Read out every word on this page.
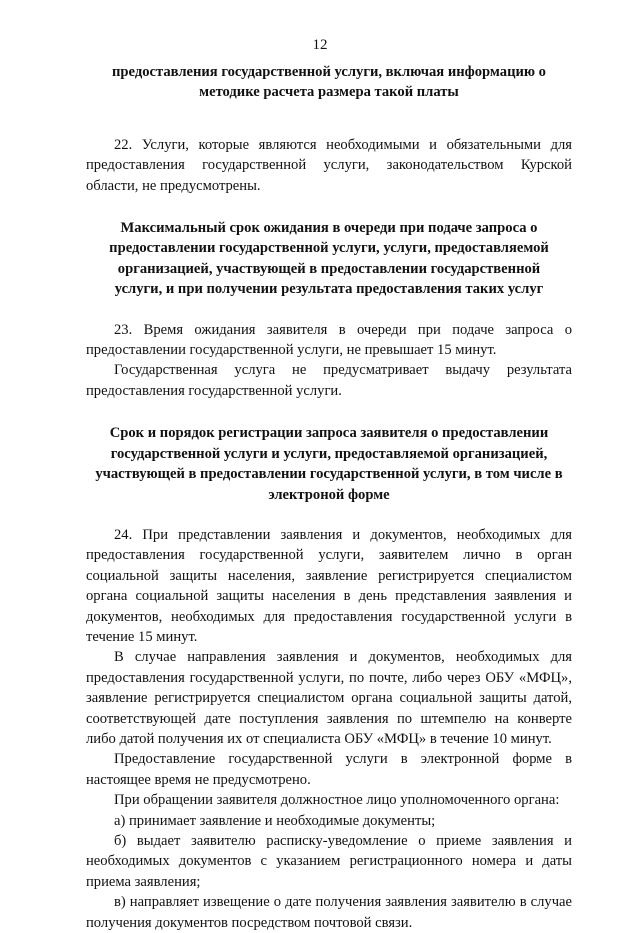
12
предоставления государственной услуги, включая информацию о
методике расчета размера такой платы

22. Услуги, которые являются необходимыми и обязательными для предоставления государственной услуги, законодательством Курской области, не предусмотрены.

Максимальный срок ожидания в очереди при подаче запроса о
предоставлении государственной услуги, услуги, предоставляемой
организацией, участвующей в предоставлении государственной
услуги, и при получении результата предоставления таких услуг

23. Время ожидания заявителя в очереди при подаче запроса о предоставлении государственной услуги, не превышает 15 минут.

Государственная услуга не предусматривает выдачу результата предоставления государственной услуги.

Срок и порядок регистрации запроса заявителя о предоставлении
государственной услуги и услуги, предоставляемой организацией,
участвующей в предоставлении государственной услуги, в том числе в
электроной форме

24. При представлении заявления и документов, необходимых для предоставления государственной услуги, заявителем лично в орган социальной защиты населения, заявление регистрируется специалистом органа социальной защиты населения в день представления заявления и документов, необходимых для предоставления государственной услуги в течение 15 минут.

В случае направления заявления и документов, необходимых для предоставления государственной услуги, по почте, либо через ОБУ «МФЦ», заявление регистрируется специалистом органа социальной защиты датой, соответствующей дате поступления заявления по штемпелю на конверте либо датой получения их от специалиста ОБУ «МФЦ» в течение 10 минут.

Предоставление государственной услуги в электронной форме в настоящее время не предусмотрено.

При обращении заявителя должностное лицо уполномоченного органа:

а) принимает заявление и необходимые документы;

б) выдает заявителю расписку-уведомление о приеме заявления и необходимых документов с указанием регистрационного номера и даты приема заявления;

в) направляет извещение о дате получения заявления заявителю в случае получения документов посредством почтовой связи.
